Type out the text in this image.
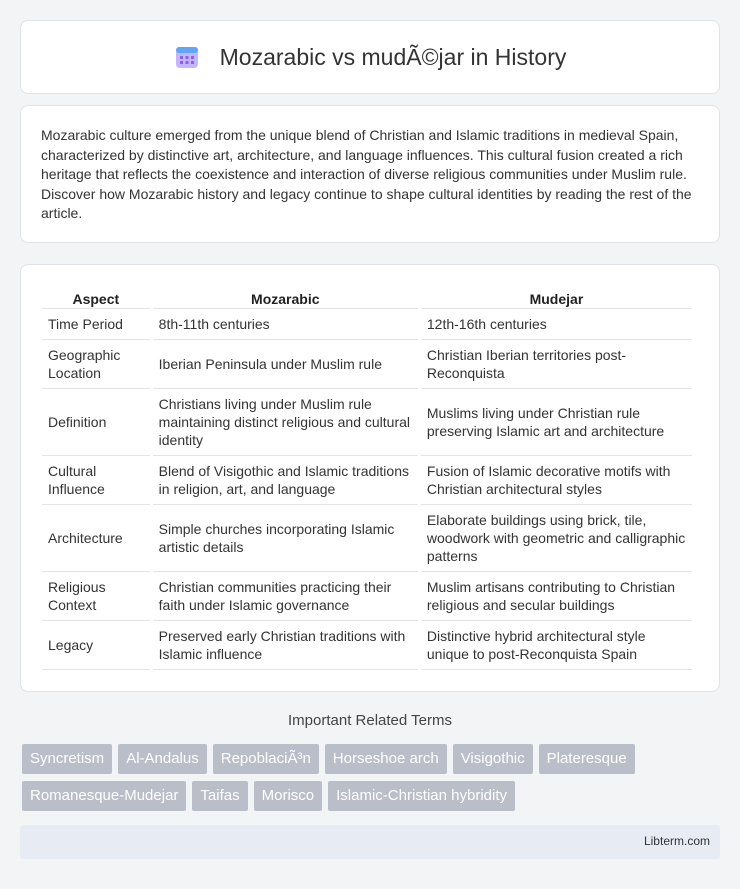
Mozarabic vs mudÃ©jar in History

Mozarabic culture emerged from the unique blend of Christian and Islamic traditions in medieval Spain, characterized by distinctive art, architecture, and language influences. This cultural fusion created a rich heritage that reflects the coexistence and interaction of diverse religious communities under Muslim rule. Discover how Mozarabic history and legacy continue to shape cultural identities by reading the rest of the article.

Aspect	Mozarabic	Mudejar
Time Period	8th-11th centuries	12th-16th centuries
Geographic Location	Iberian Peninsula under Muslim rule	Christian Iberian territories post-Reconquista
Definition	Christians living under Muslim rule maintaining distinct religious and cultural identity	Muslims living under Christian rule preserving Islamic art and architecture
Cultural Influence	Blend of Visigothic and Islamic traditions in religion, art, and language	Fusion of Islamic decorative motifs with Christian architectural styles
Architecture	Simple churches incorporating Islamic artistic details	Elaborate buildings using brick, tile, woodwork with geometric and calligraphic patterns
Religious Context	Christian communities practicing their faith under Islamic governance	Muslim artisans contributing to Christian religious and secular buildings
Legacy	Preserved early Christian traditions with Islamic influence	Distinctive hybrid architectural style unique to post-Reconquista Spain
Important Related Terms
Syncretism	Al-Andalus	RepoblaciÃ³n	Horseshoe arch	Visigothic	Plateresque
Romanesque-Mudejar	Taifas	Morisco	Islamic-Christian hybridity
Libterm.com
